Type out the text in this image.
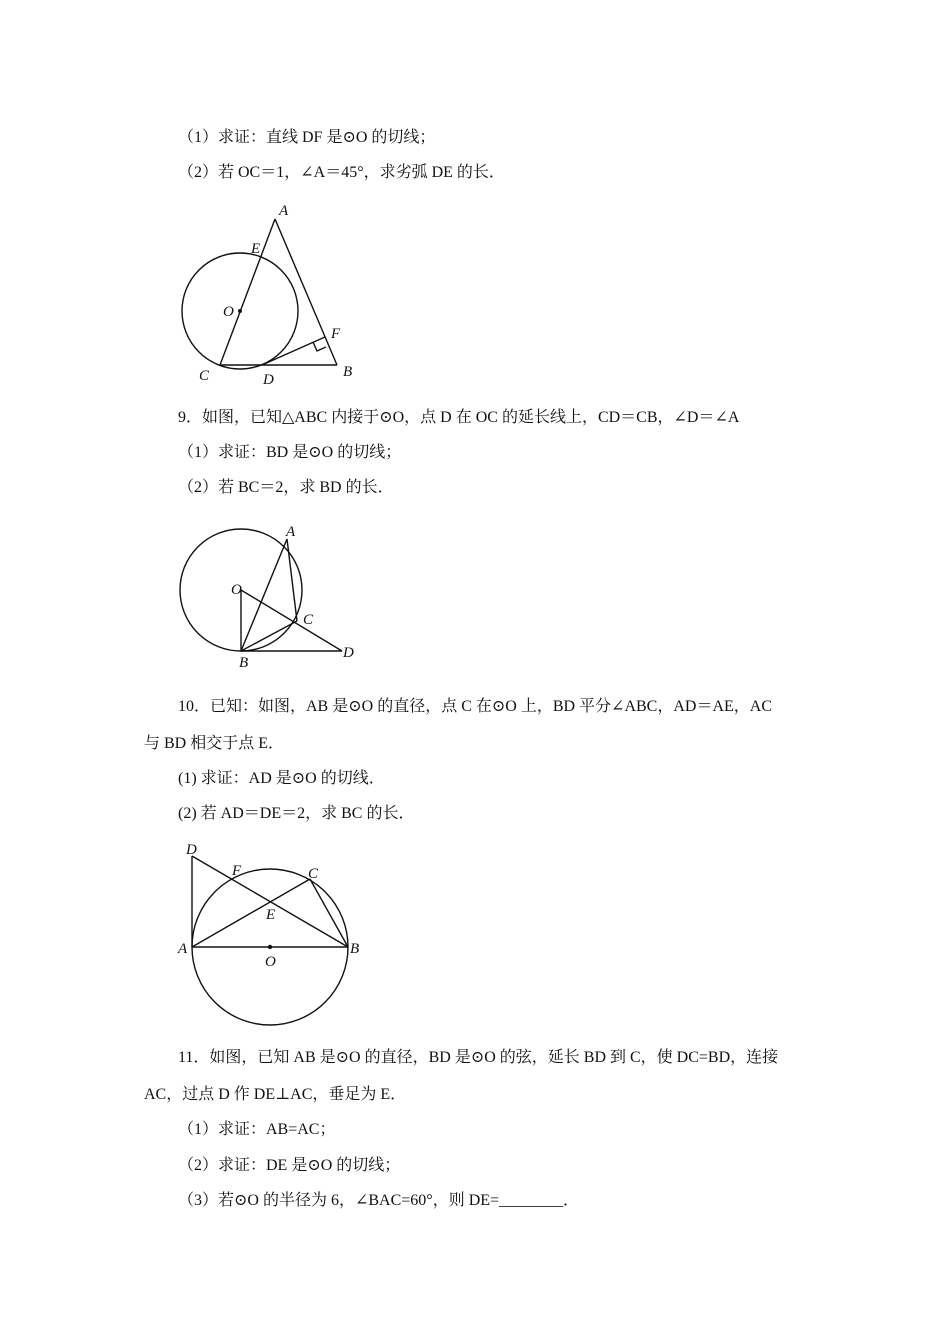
（1）求证：直线 DF 是⊙O 的切线；
（2）若 OC＝1，∠A＝45°，求劣弧 DE 的长．
A
E
O
F
C	D	B
9．如图，已知△ABC 内接于⊙O，点 D 在 OC 的延长线上，CD＝CB，∠D＝∠A
（1）求证：BD 是⊙O 的切线；
（2）若 BC＝2，求 BD 的长．
A
O
C
B
D
10．已知：如图，AB 是⊙O 的直径，点 C 在⊙O 上，BD 平分∠ABC，AD＝AE，AC
与 BD 相交于点 E．
(1) 求证：AD 是⊙O 的切线．
(2) 若 AD＝DE＝2，求 BC 的长．
D
F	C
E
A
O
B
11．如图，已知 AB 是⊙O 的直径，BD 是⊙O 的弦，延长 BD 到 C，使 DC=BD，连接
AC，过点 D 作 DE⊥AC，垂足为 E．
（1）求证：AB=AC；
（2）求证：DE 是⊙O 的切线；
（3）若⊙O 的半径为 6，∠BAC=60°，则 DE=________．
